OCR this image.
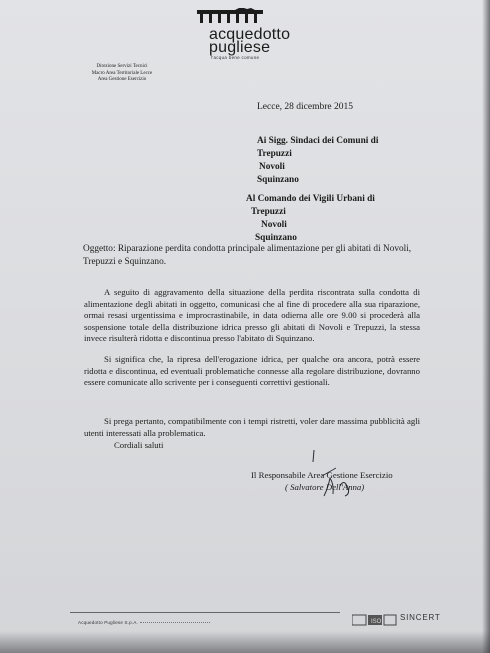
acquedotto
pugliese
l'acqua bene comune
Direzione Servizi Tecnici
Macro Area Territoriale Lecce
Area Gestione Esercizio
Lecce, 28 dicembre 2015
Ai Sigg. Sindaci dei Comuni di
Trepuzzi
Novoli
Squinzano
Al Comando dei Vigili Urbani di
Trepuzzi
Novoli
Squinzano
Oggetto: Riparazione perdita condotta principale alimentazione per gli abitati di Novoli, Trepuzzi e Squinzano.
A seguito di aggravamento della situazione della perdita riscontrata sulla condotta di alimentazione degli abitati in oggetto, comunicasi che al fine di procedere alla sua riparazione, ormai resasi urgentissima e improcrastinabile, in data odierna alle ore 9.00 si procederà alla sospensione totale della distribuzione idrica presso gli abitati di Novoli e Trepuzzi, la stessa invece risulterà ridotta e discontinua presso l'abitato di Squinzano.
Si significa che, la ripresa dell'erogazione idrica, per qualche ora ancora, potrà essere ridotta e discontinua, ed eventuali problematiche connesse alla regolare distribuzione, dovranno essere comunicate allo scrivente per i conseguenti correttivi gestionali.
Si prega pertanto, compatibilmente con i tempi ristretti, voler dare massima pubblicità agli utenti interessati alla problematica.
Cordiali saluti
Il Responsabile Area Gestione Esercizio
( Salvatore Dell'Anna)
Acquedotto Pugliese S.p.A.	ISO SINCERT
